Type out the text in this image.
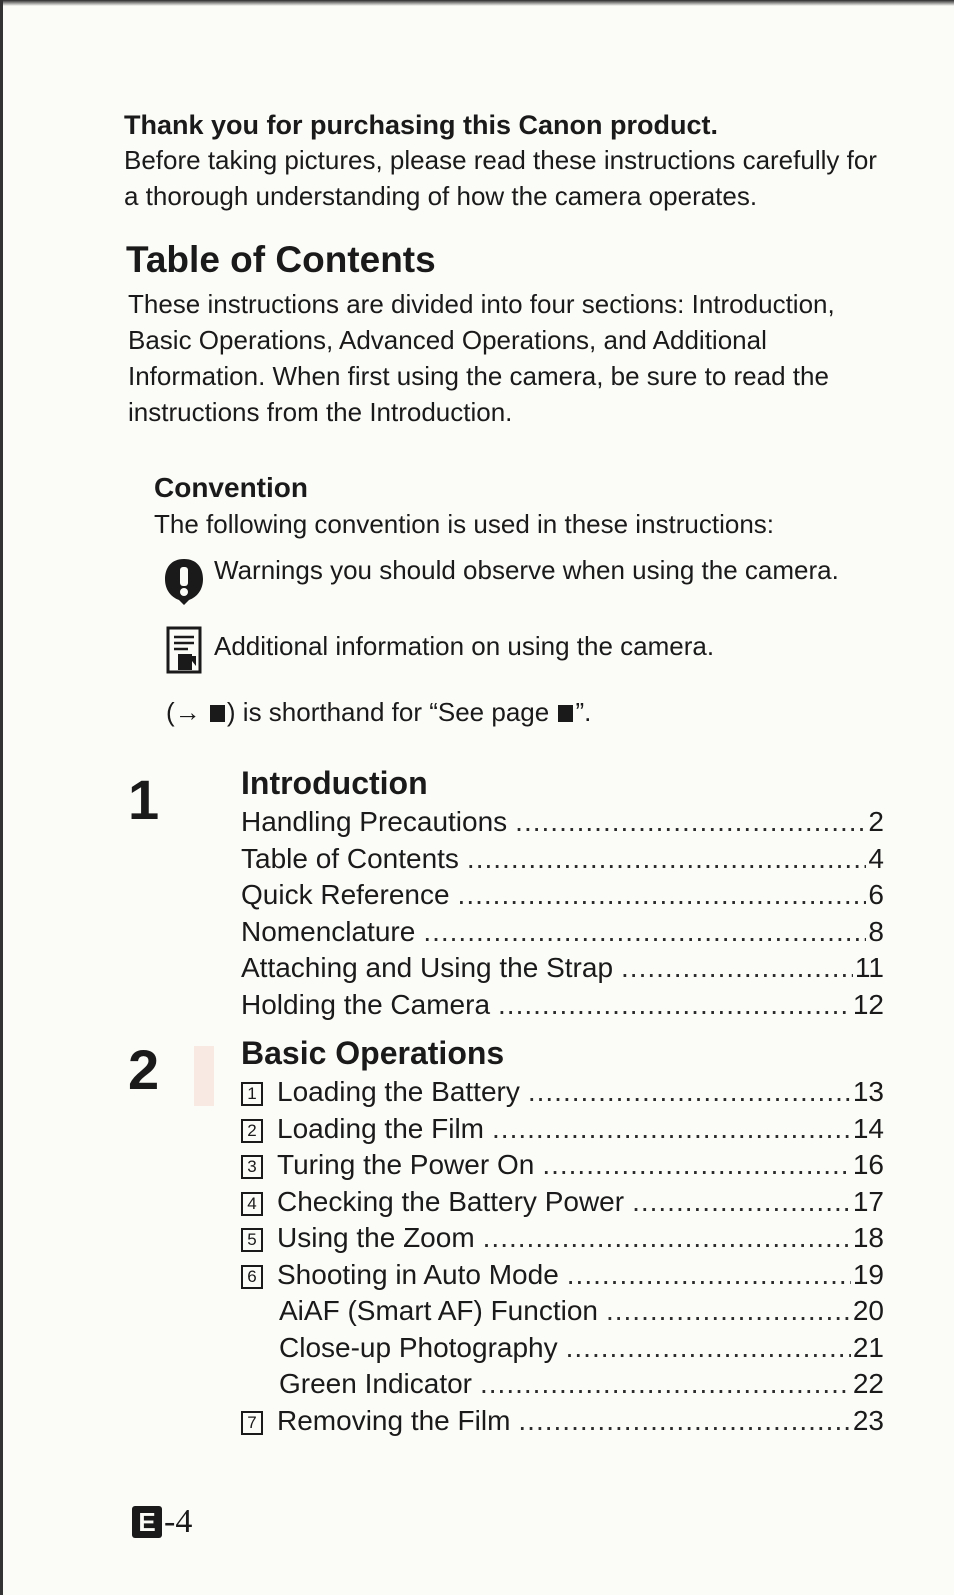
Thank you for purchasing this Canon product.

Before taking pictures, please read these instructions carefully for a thorough understanding of how the camera operates.

Table of Contents

These instructions are divided into four sections: Introduction, Basic Operations, Advanced Operations, and Additional Information. When first using the camera, be sure to read the instructions from the Introduction.

Convention

The following convention is used in these instructions:

Warnings you should observe when using the camera.
Additional information on using the camera.

(→ ) is shorthand for “See page ”.

1	Introduction
Handling Precautions .....	2
Table of Contents .....	4
Quick Reference .....	6
Nomenclature .....	8
Attaching and Using the Strap .....	11
Holding the Camera .....	12
2	Basic Operations
1 Loading the Battery .....	13
2 Loading the Film .....	14
3 Turing the Power On .....	16
4 Checking the Battery Power .....	17
5 Using the Zoom .....	18
6 Shooting in Auto Mode .....	19
AiAF (Smart AF) Function .....	20
Close-up Photography .....	21
Green Indicator .....	22
7 Removing the Film .....	23
E -4
